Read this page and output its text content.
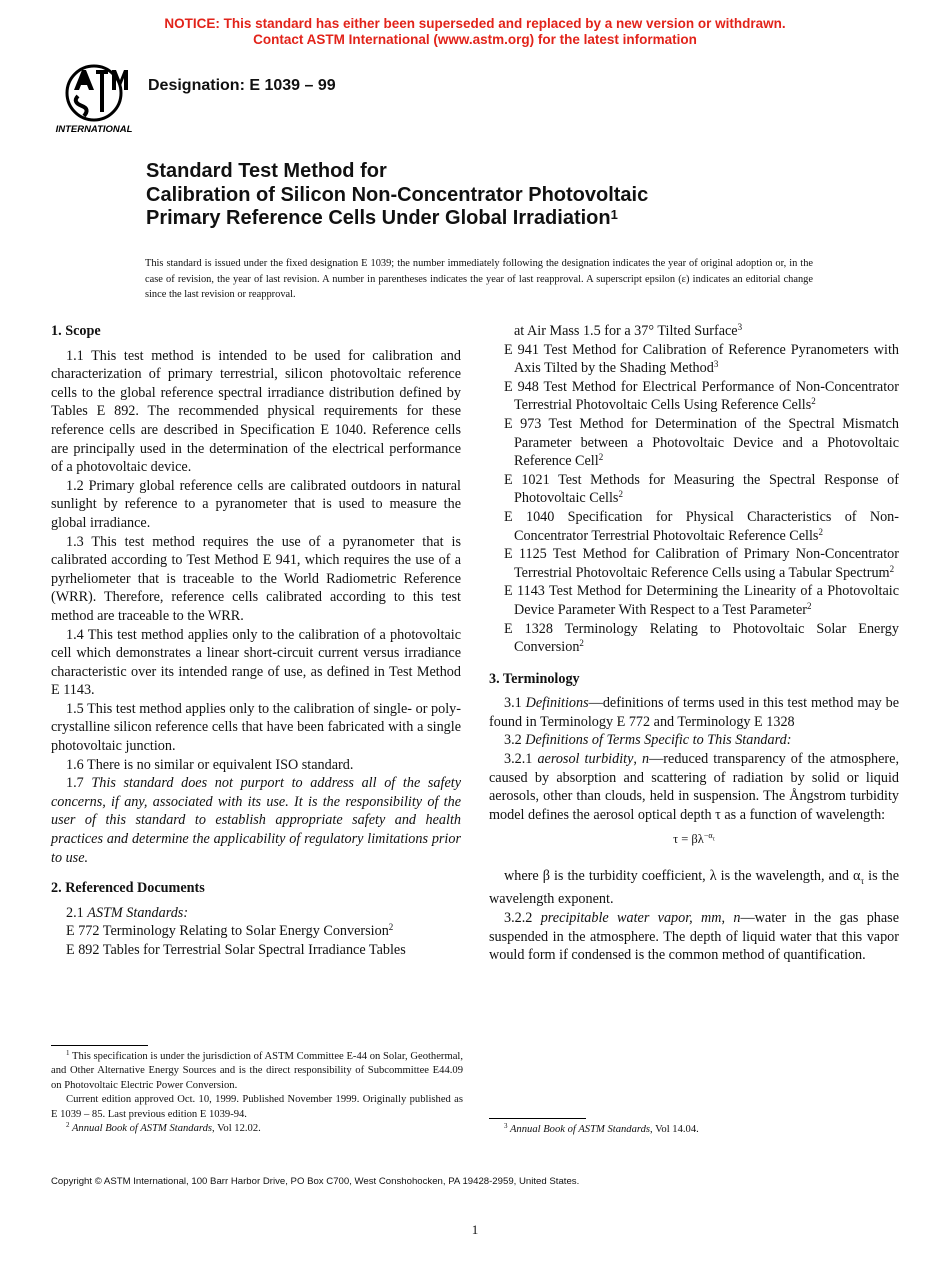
NOTICE: This standard has either been superseded and replaced by a new version or withdrawn.
Contact ASTM International (www.astm.org) for the latest information
INTERNATIONAL
Designation: E 1039 – 99
Standard Test Method for
Calibration of Silicon Non-Concentrator Photovoltaic
Primary Reference Cells Under Global Irradiation$^1$
This standard is issued under the fixed designation E 1039; the number immediately following the designation indicates the year of original adoption or, in the case of revision, the year of last revision. A number in parentheses indicates the year of last reapproval. A superscript epsilon (ε) indicates an editorial change since the last revision or reapproval.
1. Scope

1.1 This test method is intended to be used for calibration and characterization of primary terrestrial, silicon photovoltaic reference cells to the global reference spectral irradiance distribution defined by Tables E 892. The recommended physical requirements for these reference cells are described in Specification E 1040. Reference cells are principally used in the determination of the electrical performance of a photovoltaic device.

1.2 Primary global reference cells are calibrated outdoors in natural sunlight by reference to a pyranometer that is used to measure the global irradiance.

1.3 This test method requires the use of a pyranometer that is calibrated according to Test Method E 941, which requires the use of a pyrheliometer that is traceable to the World Radiometric Reference (WRR). Therefore, reference cells calibrated according to this test method are traceable to the WRR.

1.4 This test method applies only to the calibration of a photovoltaic cell which demonstrates a linear short-circuit current versus irradiance characteristic over its intended range of use, as defined in Test Method E 1143.

1.5 This test method applies only to the calibration of single- or poly-crystalline silicon reference cells that have been fabricated with a single photovoltaic junction.

1.6 There is no similar or equivalent ISO standard.

1.7 This standard does not purport to address all of the safety concerns, if any, associated with its use. It is the responsibility of the user of this standard to establish appropriate safety and health practices and determine the applicability of regulatory limitations prior to use.

2. Referenced Documents

2.1 ASTM Standards:

E 772 Terminology Relating to Solar Energy Conversion$^2$

E 892 Tables for Terrestrial Solar Spectral Irradiance Tables

$^1$ This specification is under the jurisdiction of ASTM Committee E-44 on Solar, Geothermal, and Other Alternative Energy Sources and is the direct responsibility of Subcommittee E44.09 on Photovoltaic Electric Power Conversion.

Current edition approved Oct. 10, 1999. Published November 1999. Originally published as E 1039 – 85. Last previous edition E 1039-94.

$^2$ Annual Book of ASTM Standards, Vol 12.02.

at Air Mass 1.5 for a 37° Tilted Surface$^3$

E 941 Test Method for Calibration of Reference Pyranometers with Axis Tilted by the Shading Method$^3$

E 948 Test Method for Electrical Performance of Non-Concentrator Terrestrial Photovoltaic Cells Using Reference Cells$^2$

E 973 Test Method for Determination of the Spectral Mismatch Parameter between a Photovoltaic Device and a Photovoltaic Reference Cell$^2$

E 1021 Test Methods for Measuring the Spectral Response of Photovoltaic Cells$^2$

E 1040 Specification for Physical Characteristics of Non-Concentrator Terrestrial Photovoltaic Reference Cells$^2$

E 1125 Test Method for Calibration of Primary Non-Concentrator Terrestrial Photovoltaic Reference Cells using a Tabular Spectrum$^2$

E 1143 Test Method for Determining the Linearity of a Photovoltaic Device Parameter With Respect to a Test Parameter$^2$

E 1328 Terminology Relating to Photovoltaic Solar Energy Conversion$^2$

3. Terminology

3.1 Definitions—definitions of terms used in this test method may be found in Terminology E 772 and Terminology E 1328

3.2 Definitions of Terms Specific to This Standard:

3.2.1 aerosol turbidity, n—reduced transparency of the atmosphere, caused by absorption and scattering of radiation by solid or liquid aerosols, other than clouds, held in suspension. The Ångstrom turbidity model defines the aerosol optical depth τ as a function of wavelength:

$\tau = \beta\lambda^{-\alpha_\tau}$

where β is the turbidity coefficient, λ is the wavelength, and $\alpha_\tau$ is the wavelength exponent.

3.2.2 precipitable water vapor, mm, n—water in the gas phase suspended in the atmosphere. The depth of liquid water that this vapor would form if condensed is the common method of quantification.

$^3$ Annual Book of ASTM Standards, Vol 14.04.

Copyright © ASTM International, 100 Barr Harbor Drive, PO Box C700, West Conshohocken, PA 19428-2959, United States.
1
